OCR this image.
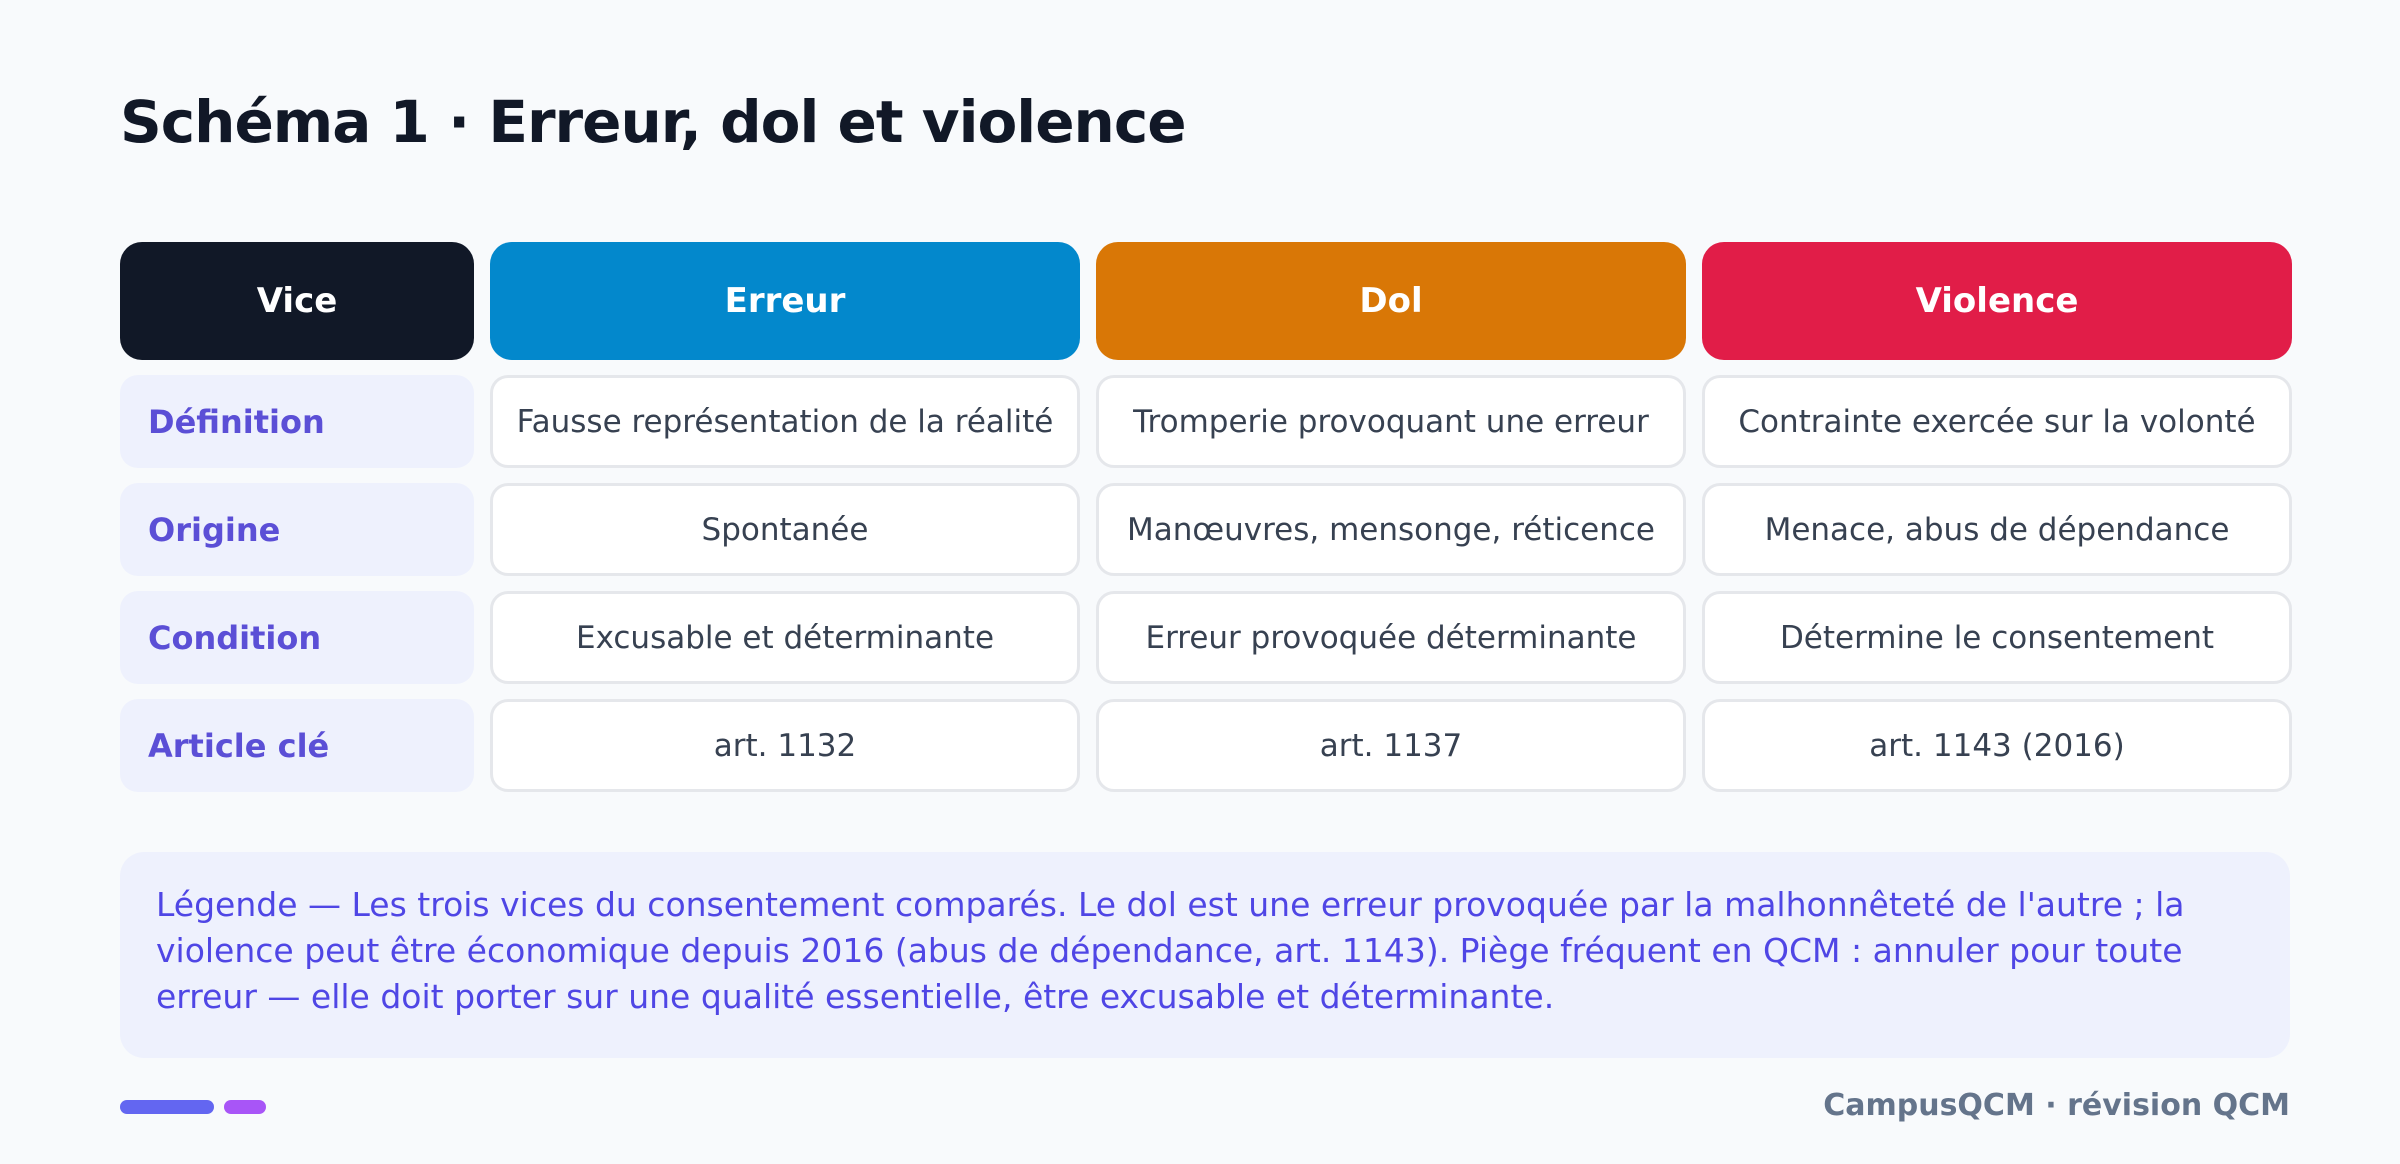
Schéma 1 · Erreur, dol et violence
Vice	Erreur	Dol	Violence
Définition	Fausse représentation de la réalité	Tromperie provoquant une erreur	Contrainte exercée sur la volonté
Origine	Spontanée	Manœuvres, mensonge, réticence	Menace, abus de dépendance
Condition	Excusable et déterminante	Erreur provoquée déterminante	Détermine le consentement
Article clé	art. 1132	art. 1137	art. 1143 (2016)
Légende — Les trois vices du consentement comparés. Le dol est une erreur provoquée par la malhonnêteté de l'autre ; la violence peut être économique depuis 2016 (abus de dépendance, art. 1143). Piège fréquent en QCM : annuler pour toute erreur — elle doit porter sur une qualité essentielle, être excusable et déterminante.
CampusQCM · révision QCM
